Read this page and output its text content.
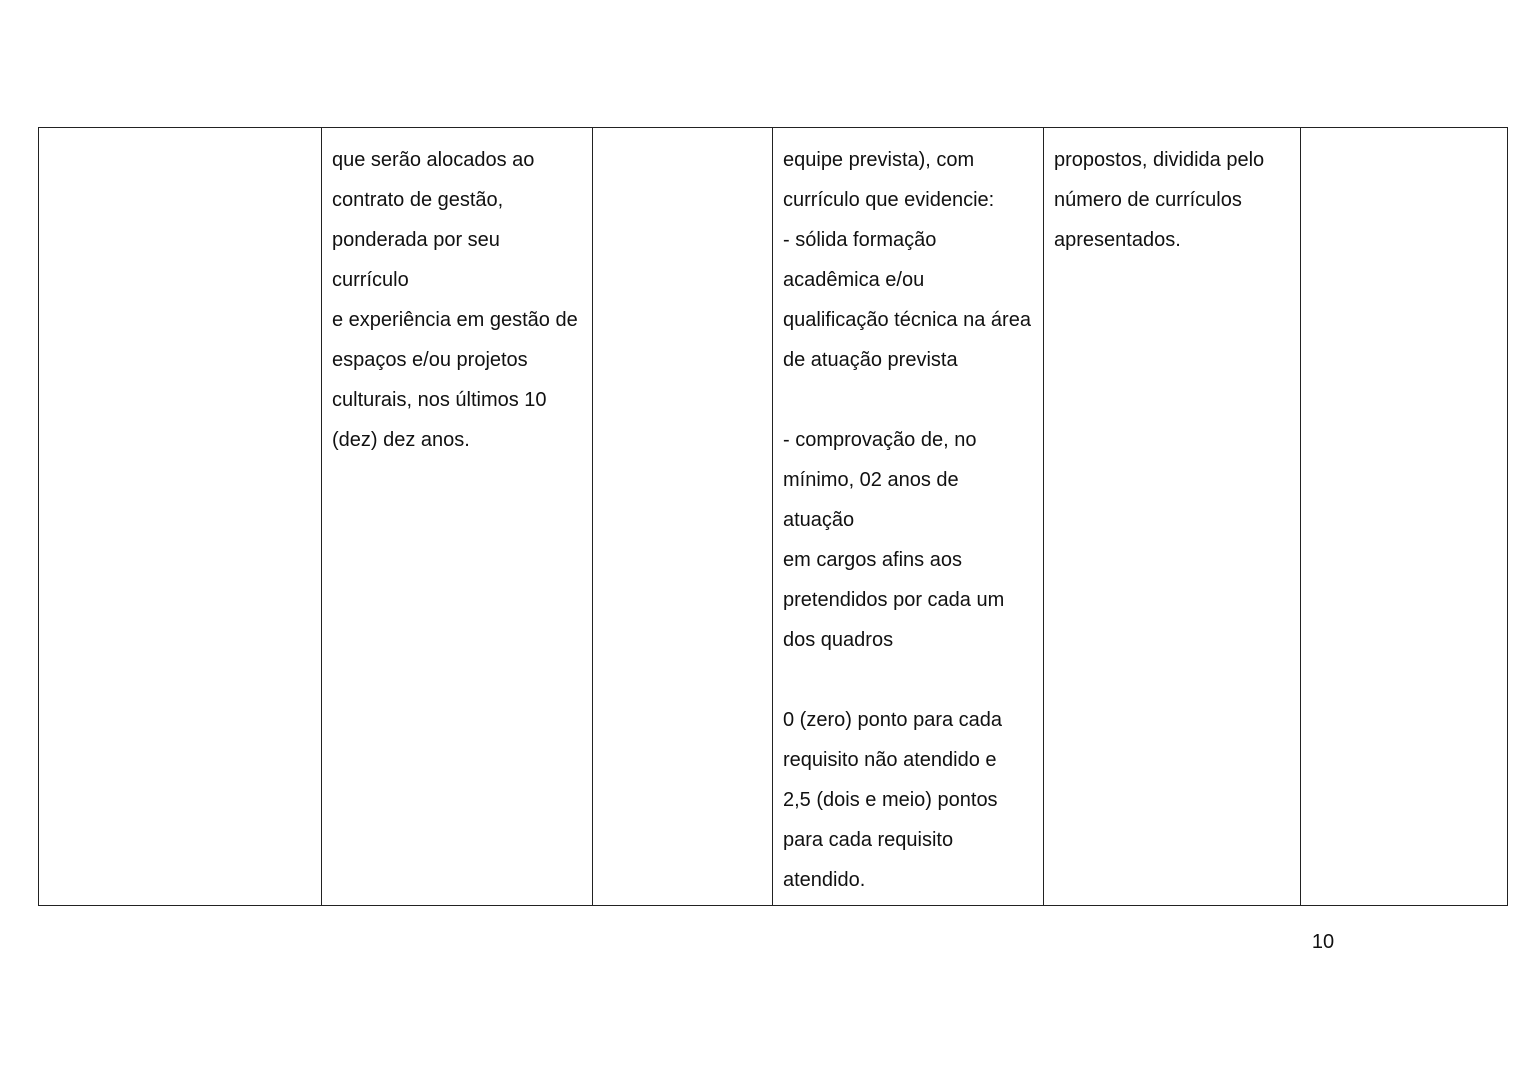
	que serão alocados ao
contrato de gestão,
ponderada por seu currículo
e experiência em gestão de
espaços e/ou projetos
culturais, nos últimos 10
(dez) dez anos.		equipe prevista), com
currículo que evidencie:
- sólida formação
acadêmica e/ou
qualificação técnica na área
de atuação prevista

- comprovação de, no
mínimo, 02 anos de atuação
em cargos afins aos
pretendidos por cada um
dos quadros

0 (zero) ponto para cada
requisito não atendido e
2,5 (dois e meio) pontos
para cada requisito
atendido.	propostos, dividida pelo
número de currículos
apresentados.	
10
